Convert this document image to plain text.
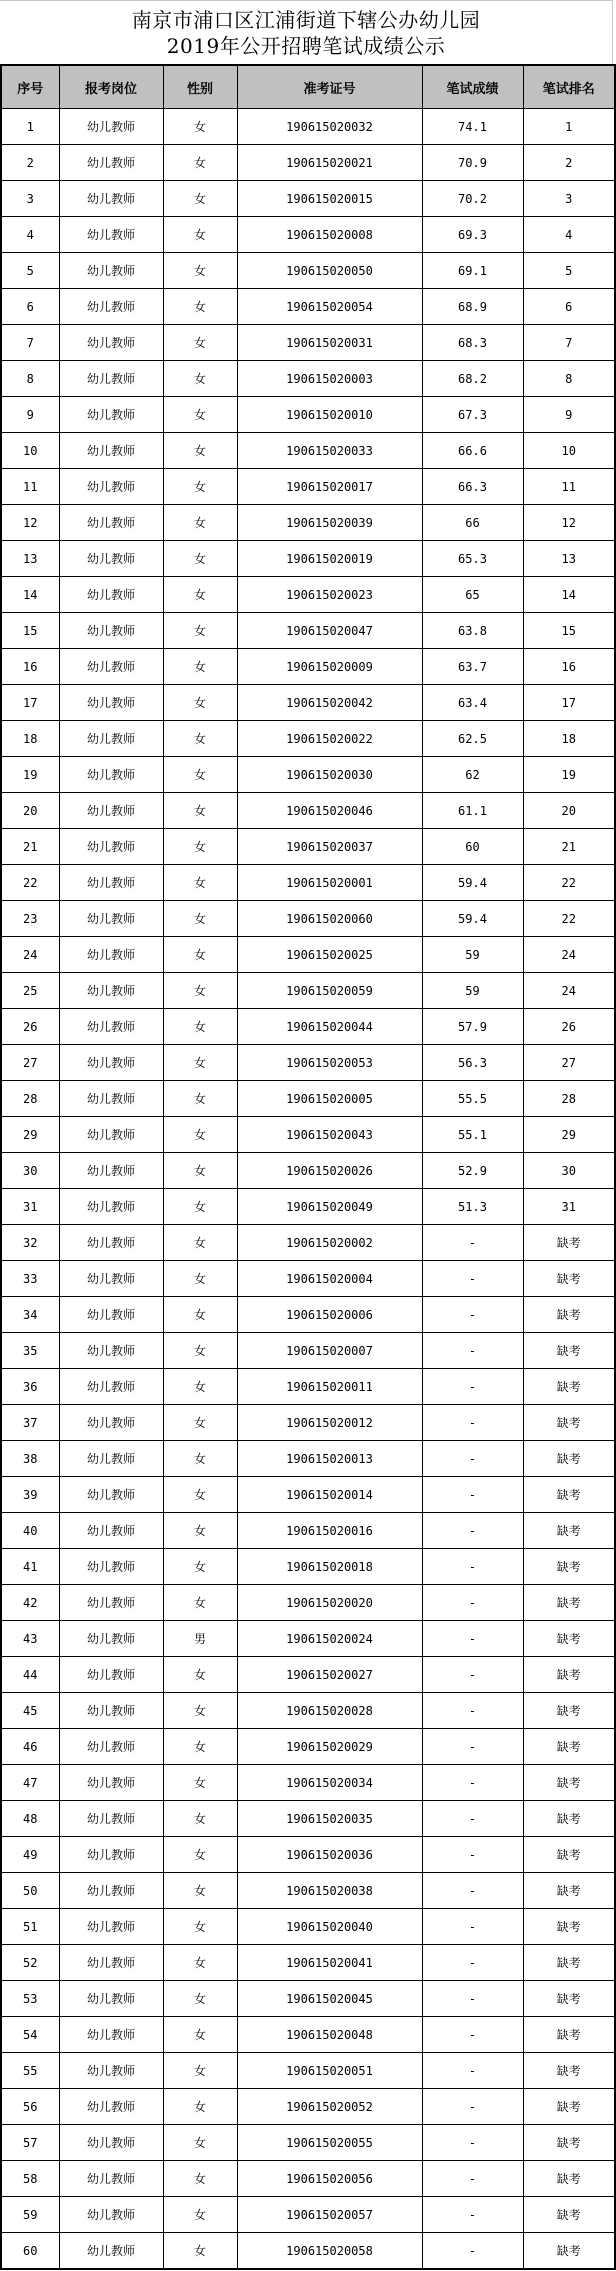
南京市浦口区江浦街道下辖公办幼儿园
2019年公开招聘笔试成绩公示
序号	报考岗位	性别	准考证号	笔试成绩	笔试排名
1	幼儿教师	女	190615020032	74.1	1
2	幼儿教师	女	190615020021	70.9	2
3	幼儿教师	女	190615020015	70.2	3
4	幼儿教师	女	190615020008	69.3	4
5	幼儿教师	女	190615020050	69.1	5
6	幼儿教师	女	190615020054	68.9	6
7	幼儿教师	女	190615020031	68.3	7
8	幼儿教师	女	190615020003	68.2	8
9	幼儿教师	女	190615020010	67.3	9
10	幼儿教师	女	190615020033	66.6	10
11	幼儿教师	女	190615020017	66.3	11
12	幼儿教师	女	190615020039	66	12
13	幼儿教师	女	190615020019	65.3	13
14	幼儿教师	女	190615020023	65	14
15	幼儿教师	女	190615020047	63.8	15
16	幼儿教师	女	190615020009	63.7	16
17	幼儿教师	女	190615020042	63.4	17
18	幼儿教师	女	190615020022	62.5	18
19	幼儿教师	女	190615020030	62	19
20	幼儿教师	女	190615020046	61.1	20
21	幼儿教师	女	190615020037	60	21
22	幼儿教师	女	190615020001	59.4	22
23	幼儿教师	女	190615020060	59.4	22
24	幼儿教师	女	190615020025	59	24
25	幼儿教师	女	190615020059	59	24
26	幼儿教师	女	190615020044	57.9	26
27	幼儿教师	女	190615020053	56.3	27
28	幼儿教师	女	190615020005	55.5	28
29	幼儿教师	女	190615020043	55.1	29
30	幼儿教师	女	190615020026	52.9	30
31	幼儿教师	女	190615020049	51.3	31
32	幼儿教师	女	190615020002	-	缺考
33	幼儿教师	女	190615020004	-	缺考
34	幼儿教师	女	190615020006	-	缺考
35	幼儿教师	女	190615020007	-	缺考
36	幼儿教师	女	190615020011	-	缺考
37	幼儿教师	女	190615020012	-	缺考
38	幼儿教师	女	190615020013	-	缺考
39	幼儿教师	女	190615020014	-	缺考
40	幼儿教师	女	190615020016	-	缺考
41	幼儿教师	女	190615020018	-	缺考
42	幼儿教师	女	190615020020	-	缺考
43	幼儿教师	男	190615020024	-	缺考
44	幼儿教师	女	190615020027	-	缺考
45	幼儿教师	女	190615020028	-	缺考
46	幼儿教师	女	190615020029	-	缺考
47	幼儿教师	女	190615020034	-	缺考
48	幼儿教师	女	190615020035	-	缺考
49	幼儿教师	女	190615020036	-	缺考
50	幼儿教师	女	190615020038	-	缺考
51	幼儿教师	女	190615020040	-	缺考
52	幼儿教师	女	190615020041	-	缺考
53	幼儿教师	女	190615020045	-	缺考
54	幼儿教师	女	190615020048	-	缺考
55	幼儿教师	女	190615020051	-	缺考
56	幼儿教师	女	190615020052	-	缺考
57	幼儿教师	女	190615020055	-	缺考
58	幼儿教师	女	190615020056	-	缺考
59	幼儿教师	女	190615020057	-	缺考
60	幼儿教师	女	190615020058	-	缺考
